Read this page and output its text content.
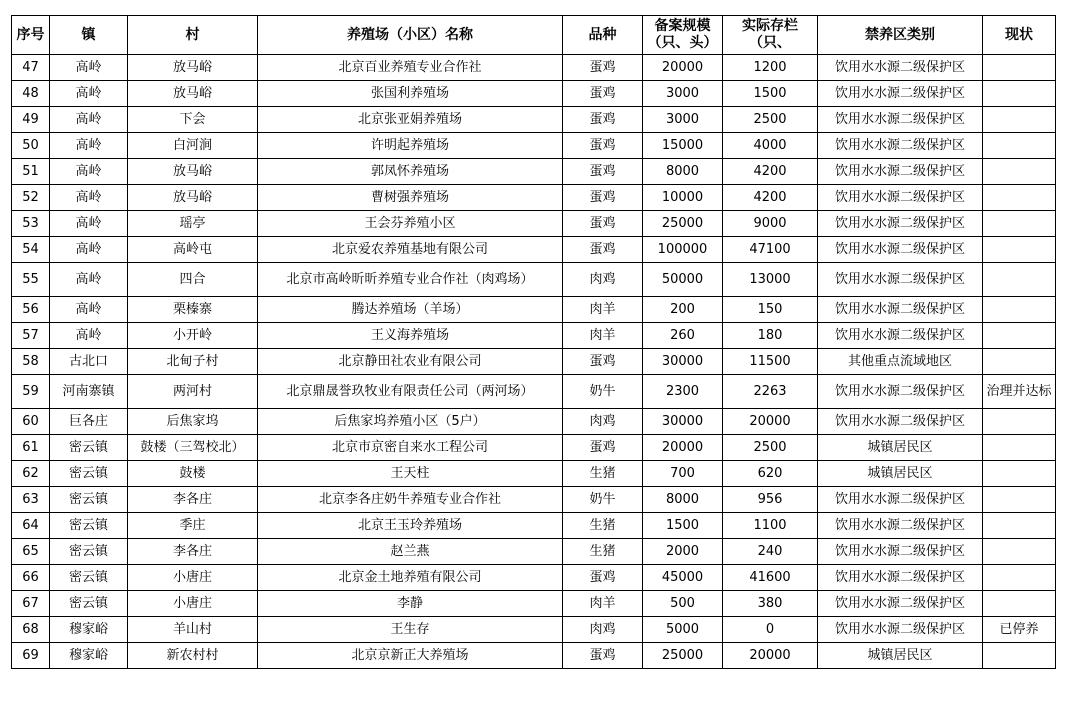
序号	镇	村	养殖场（小区）名称	品种	备案规模（只、头）	实际存栏（只、	禁养区类别	现状
47	高岭	放马峪	北京百业养殖专业合作社	蛋鸡	20000	1200	饮用水水源二级保护区	
48	高岭	放马峪	张国利养殖场	蛋鸡	3000	1500	饮用水水源二级保护区	
49	高岭	下会	北京张亚娟养殖场	蛋鸡	3000	2500	饮用水水源二级保护区	
50	高岭	白河涧	许明起养殖场	蛋鸡	15000	4000	饮用水水源二级保护区	
51	高岭	放马峪	郭凤怀养殖场	蛋鸡	8000	4200	饮用水水源二级保护区	
52	高岭	放马峪	曹树强养殖场	蛋鸡	10000	4200	饮用水水源二级保护区	
53	高岭	瑶亭	王会芬养殖小区	蛋鸡	25000	9000	饮用水水源二级保护区	
54	高岭	高岭屯	北京爱农养殖基地有限公司	蛋鸡	100000	47100	饮用水水源二级保护区	
55	高岭	四合	北京市高岭昕昕养殖专业合作社（肉鸡场）	肉鸡	50000	13000	饮用水水源二级保护区	
56	高岭	栗榛寨	腾达养殖场（羊场）	肉羊	200	150	饮用水水源二级保护区	
57	高岭	小开岭	王义海养殖场	肉羊	260	180	饮用水水源二级保护区	
58	古北口	北甸子村	北京静田社农业有限公司	蛋鸡	30000	11500	其他重点流域地区	
59	河南寨镇	两河村	北京鼎晟誉玖牧业有限责任公司（两河场）	奶牛	2300	2263	饮用水水源二级保护区	治理并达标
60	巨各庄	后焦家坞	后焦家坞养殖小区（5户）	肉鸡	30000	20000	饮用水水源二级保护区	
61	密云镇	鼓楼（三驾校北）	北京市京密自来水工程公司	蛋鸡	20000	2500	城镇居民区	
62	密云镇	鼓楼	王天柱	生猪	700	620	城镇居民区	
63	密云镇	李各庄	北京李各庄奶牛养殖专业合作社	奶牛	8000	956	饮用水水源二级保护区	
64	密云镇	季庄	北京王玉玲养殖场	生猪	1500	1100	饮用水水源二级保护区	
65	密云镇	李各庄	赵兰燕	生猪	2000	240	饮用水水源二级保护区	
66	密云镇	小唐庄	北京金土地养殖有限公司	蛋鸡	45000	41600	饮用水水源二级保护区	
67	密云镇	小唐庄	李静	肉羊	500	380	饮用水水源二级保护区	
68	穆家峪	羊山村	王生存	肉鸡	5000	0	饮用水水源二级保护区	已停养
69	穆家峪	新农村村	北京京新正大养殖场	蛋鸡	25000	20000	城镇居民区	
